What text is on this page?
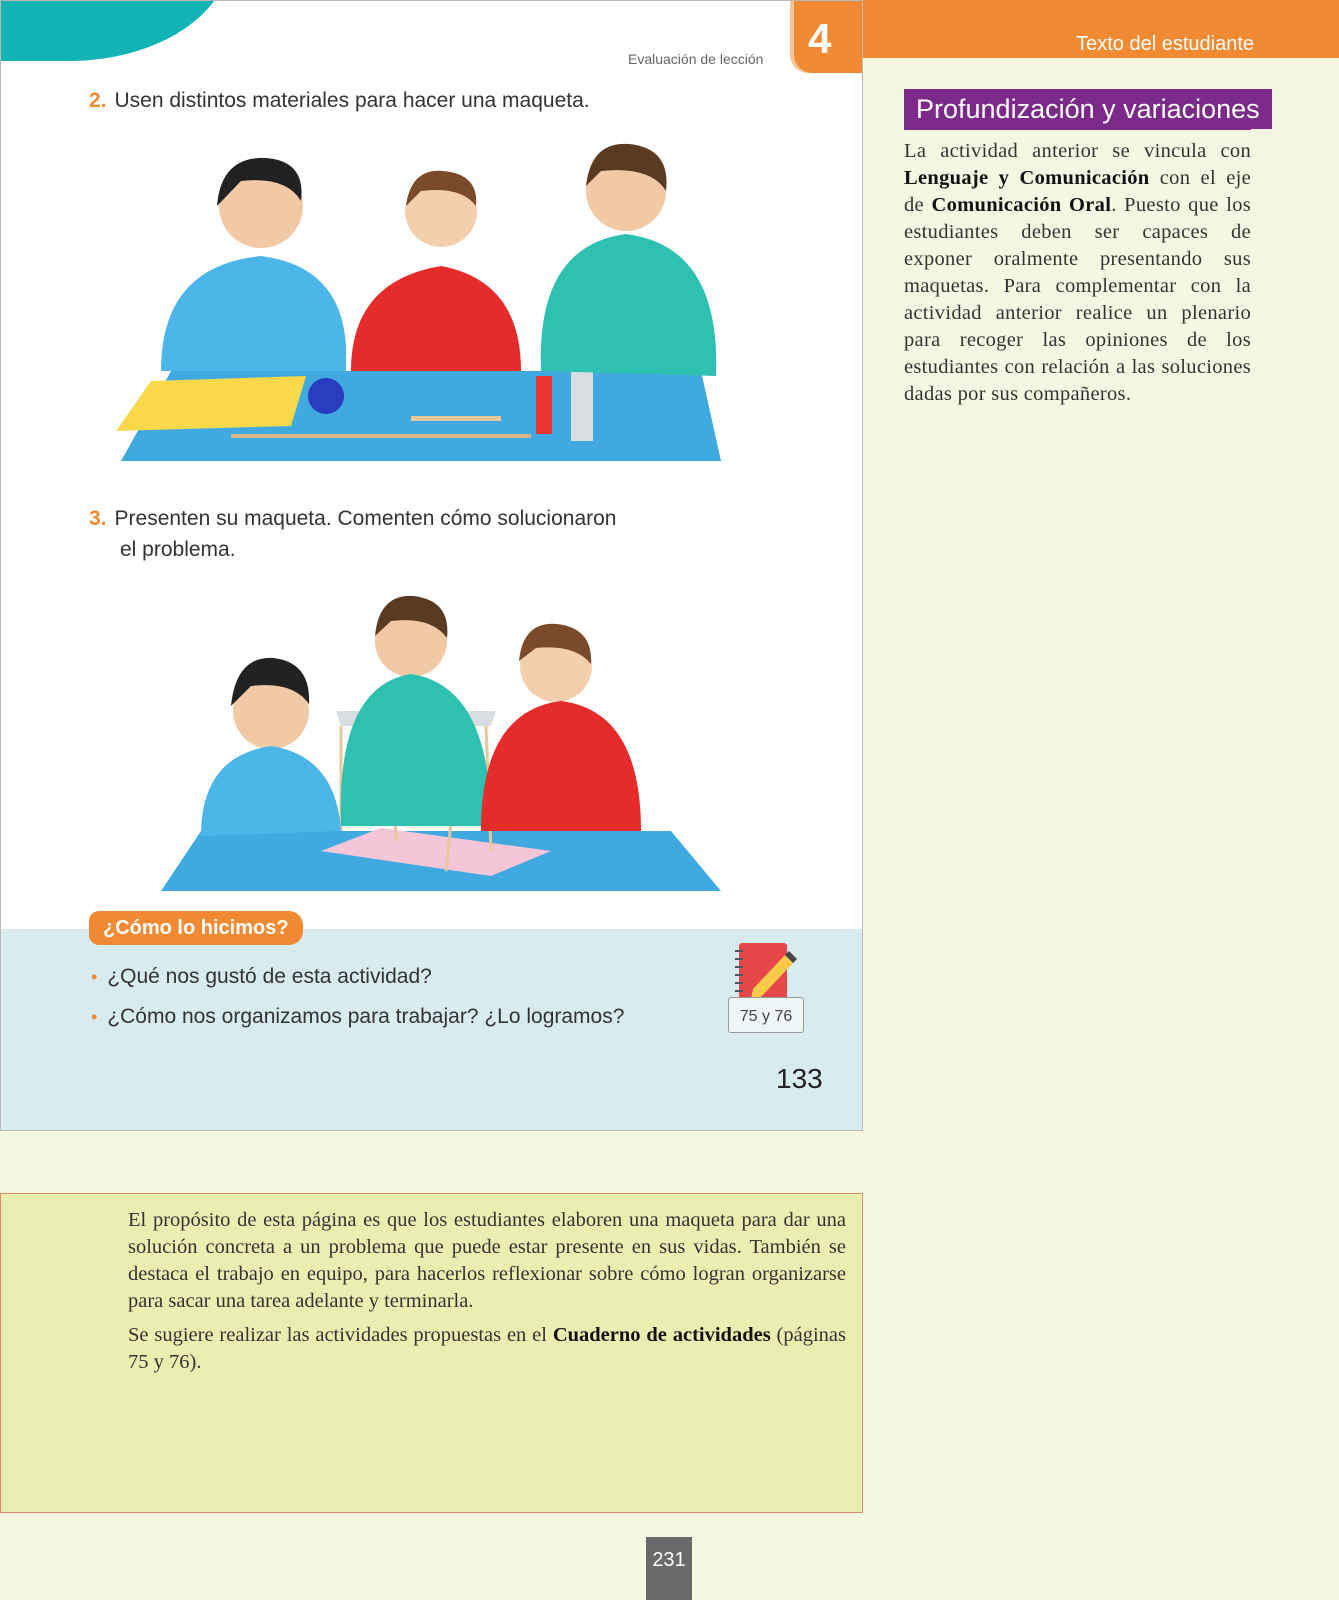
Evaluación de lección 4
2. Usen distintos materiales para hacer una maqueta.
3. Presenten su maqueta. Comenten cómo solucionaron
el problema.
¿Cómo lo hicimos?
• ¿Qué nos gustó de esta actividad?
• ¿Cómo nos organizamos para trabajar? ¿Lo logramos?	75 y 76
133
Texto del estudiante
Profundización y variaciones
La actividad anterior se vincula con Lenguaje y Comunicación con el eje de Comunicación Oral. Puesto que los estudiantes deben ser capaces de exponer oralmente presentando sus maquetas. Para complementar con la actividad anterior realice un plenario para recoger las opiniones de los estudiantes con relación a las soluciones dadas por sus compañeros.

El propósito de esta página es que los estudiantes elaboren una maqueta para dar una solución concreta a un problema que puede estar presente en sus vidas. También se destaca el trabajo en equipo, para hacerlos reflexionar sobre cómo logran organizarse para sacar una tarea adelante y terminarla.

Se sugiere realizar las actividades propuestas en el Cuaderno de actividades (páginas 75 y 76).

231
